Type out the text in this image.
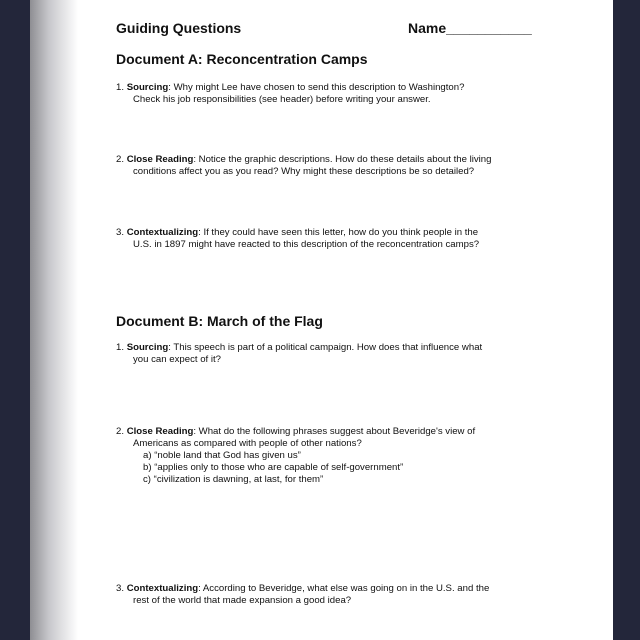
Guiding Questions	Name___________
Document A: Reconcentration Camps
1. Sourcing: Why might Lee have chosen to send this description to Washington?
Check his job responsibilities (see header) before writing your answer.
2. Close Reading: Notice the graphic descriptions. How do these details about the living
conditions affect you as you read? Why might these descriptions be so detailed?
3. Contextualizing: If they could have seen this letter, how do you think people in the
U.S. in 1897 might have reacted to this description of the reconcentration camps?
Document B: March of the Flag
1. Sourcing: This speech is part of a political campaign. How does that influence what
you can expect of it?
2. Close Reading: What do the following phrases suggest about Beveridge's view of
Americans as compared with people of other nations?
a) “noble land that God has given us”
b) “applies only to those who are capable of self-government”
c) “civilization is dawning, at last, for them”
3. Contextualizing: According to Beveridge, what else was going on in the U.S. and the
rest of the world that made expansion a good idea?
